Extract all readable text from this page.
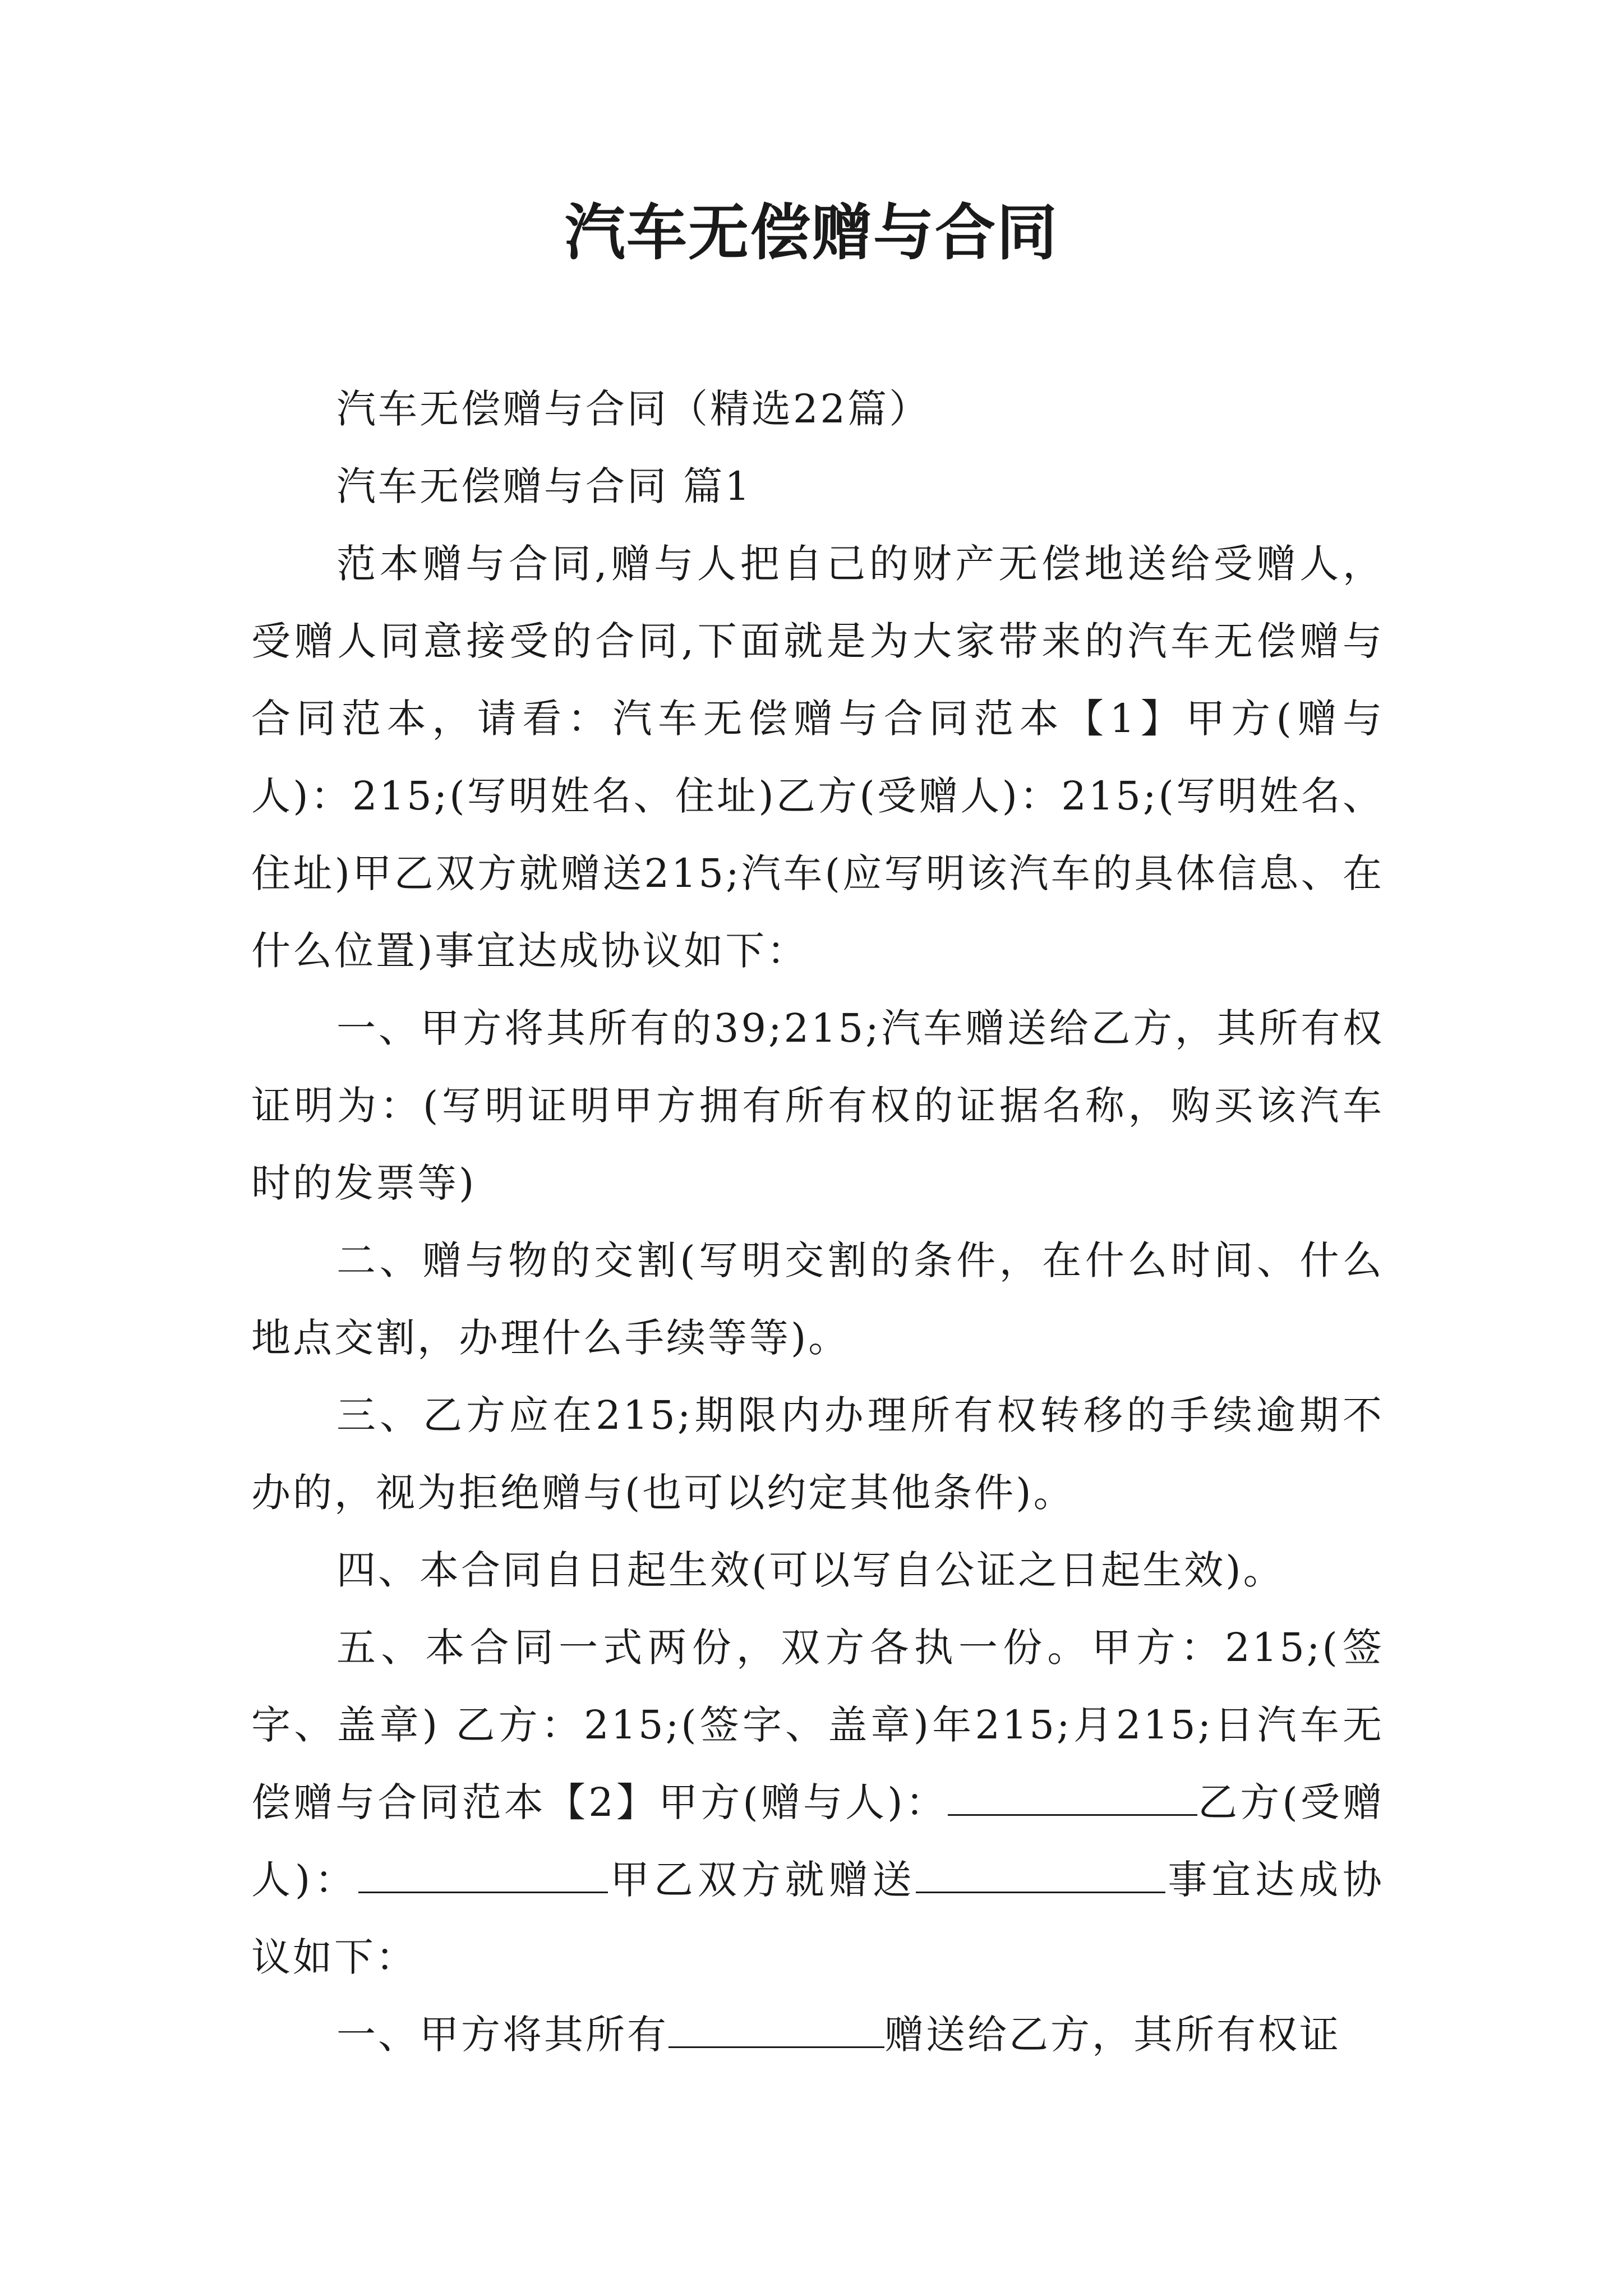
汽车无偿赠与合同

汽车无偿赠与合同（精选22篇）

汽车无偿赠与合同 篇1

范本赠与合同,赠与人把自己的财产无偿地送给受赠人，受赠人同意接受的合同,下面就是为大家带来的汽车无偿赠与合同范本，请看：汽车无偿赠与合同范本【1】甲方(赠与人)：215;(写明姓名、住址)乙方(受赠人)：215;(写明姓名、住址)甲乙双方就赠送215;汽车(应写明该汽车的具体信息、在什么位置)事宜达成协议如下：

一、甲方将其所有的39;215;汽车赠送给乙方，其所有权证明为：(写明证明甲方拥有所有权的证据名称，购买该汽车时的发票等)

二、赠与物的交割(写明交割的条件，在什么时间、什么地点交割，办理什么手续等等)。

三、乙方应在215;期限内办理所有权转移的手续逾期不办的，视为拒绝赠与(也可以约定其他条件)。

四、本合同自日起生效(可以写自公证之日起生效)。

五、本合同一式两份，双方各执一份。甲方：215;(签字、盖章) 乙方：215;(签字、盖章)年215;月215;日汽车无偿赠与合同范本【2】甲方(赠与人)：	乙方(受赠人)：	甲乙双方就赠送	事宜达成协议如下：

一、甲方将其所有	赠送给乙方，其所有权证
